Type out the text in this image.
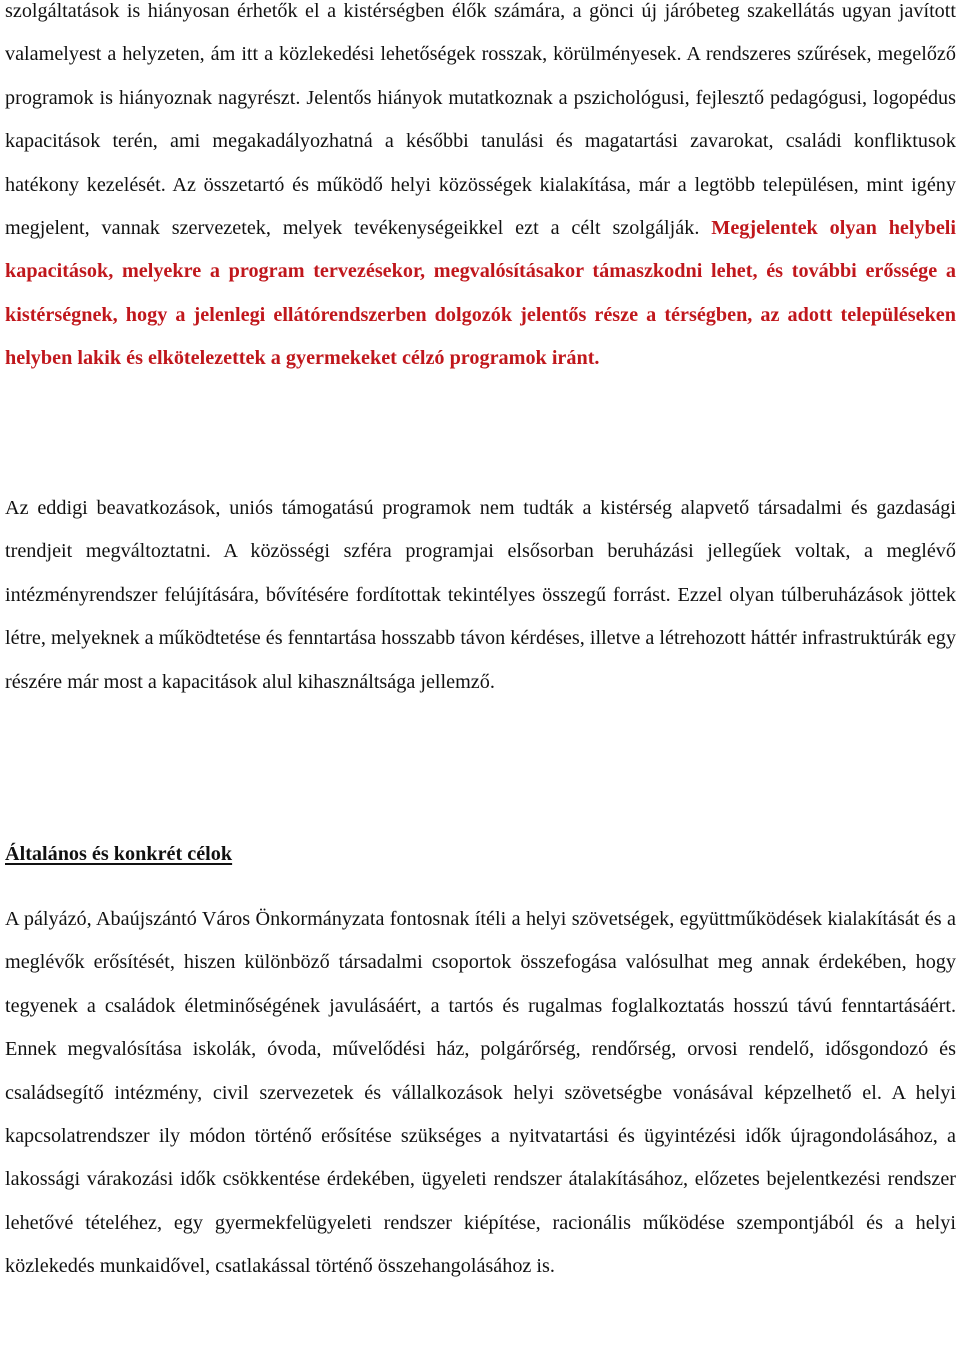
szolgáltatások is hiányosan érhetők el a kistérségben élők számára, a gönci új járóbeteg szakellátás ugyan javított valamelyest a helyzeten, ám itt a közlekedési lehetőségek rosszak, körülményesek. A rendszeres szűrések, megelőző programok is hiányoznak nagyrészt. Jelentős hiányok mutatkoznak a pszichológusi, fejlesztő pedagógusi, logopédus kapacitások terén, ami megakadályozhatná a későbbi tanulási és magatartási zavarokat, családi konfliktusok hatékony kezelését. Az összetartó és működő helyi közösségek kialakítása, már a legtöbb településen, mint igény megjelent, vannak szervezetek, melyek tevékenységeikkel ezt a célt szolgálják. Megjelentek olyan helybeli kapacitások, melyekre a program tervezésekor, megvalósításakor támaszkodni lehet, és további erőssége a kistérségnek, hogy a jelenlegi ellátórendszerben dolgozók jelentős része a térségben, az adott településeken helyben lakik és elkötelezettek a gyermekeket célzó programok iránt.

Az eddigi beavatkozások, uniós támogatású programok nem tudták a kistérség alapvető társadalmi és gazdasági trendjeit megváltoztatni. A közösségi szféra programjai elsősorban beruházási jellegűek voltak, a meglévő intézményrendszer felújítására, bővítésére fordítottak tekintélyes összegű forrást. Ezzel olyan túlberuházások jöttek létre, melyeknek a működtetése és fenntartása hosszabb távon kérdéses, illetve a létrehozott háttér infrastruktúrák egy részére már most a kapacitások alul kihasználtsága jellemző.

Általános és konkrét célok

A pályázó, Abaújszántó Város Önkormányzata fontosnak ítéli a helyi szövetségek, együttműködések kialakítását és a meglévők erősítését, hiszen különböző társadalmi csoportok összefogása valósulhat meg annak érdekében, hogy tegyenek a családok életminőségének javulásáért, a tartós és rugalmas foglalkoztatás hosszú távú fenntartásáért. Ennek megvalósítása iskolák, óvoda, művelődési ház, polgárőrség, rendőrség, orvosi rendelő, idősgondozó és családsegítő intézmény, civil szervezetek és vállalkozások helyi szövetségbe vonásával képzelhető el. A helyi kapcsolatrendszer ily módon történő erősítése szükséges a nyitvatartási és ügyintézési idők újragondolásához, a lakossági várakozási idők csökkentése érdekében, ügyeleti rendszer átalakításához, előzetes bejelentkezési rendszer lehetővé tételéhez, egy gyermekfelügyeleti rendszer kiépítése, racionális működése szempontjából és a helyi közlekedés munkaidővel, csatlakással történő összehangolásához is.
